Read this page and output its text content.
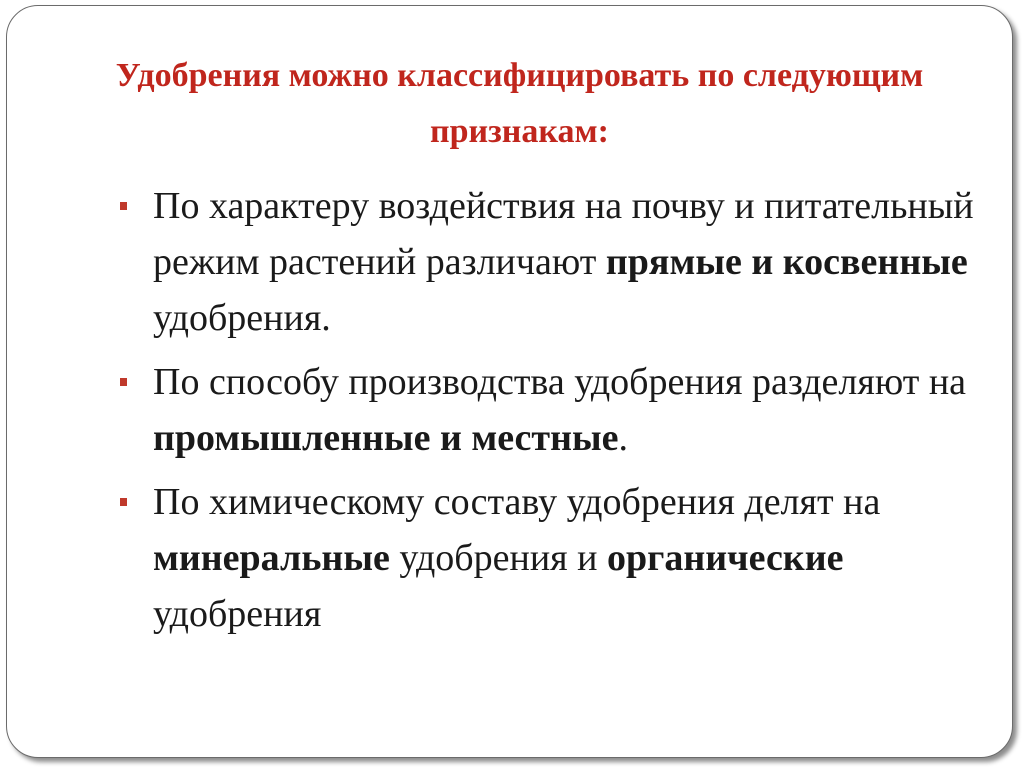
Удобрения можно классифицировать по следующим признакам:
По характеру воздействия на почву и питательный режим растений различают прямые и косвенные удобрения.
По способу производства удобрения разделяют на промышленные и местные.
По химическому составу удобрения делят на минеральные удобрения и органические удобрения
